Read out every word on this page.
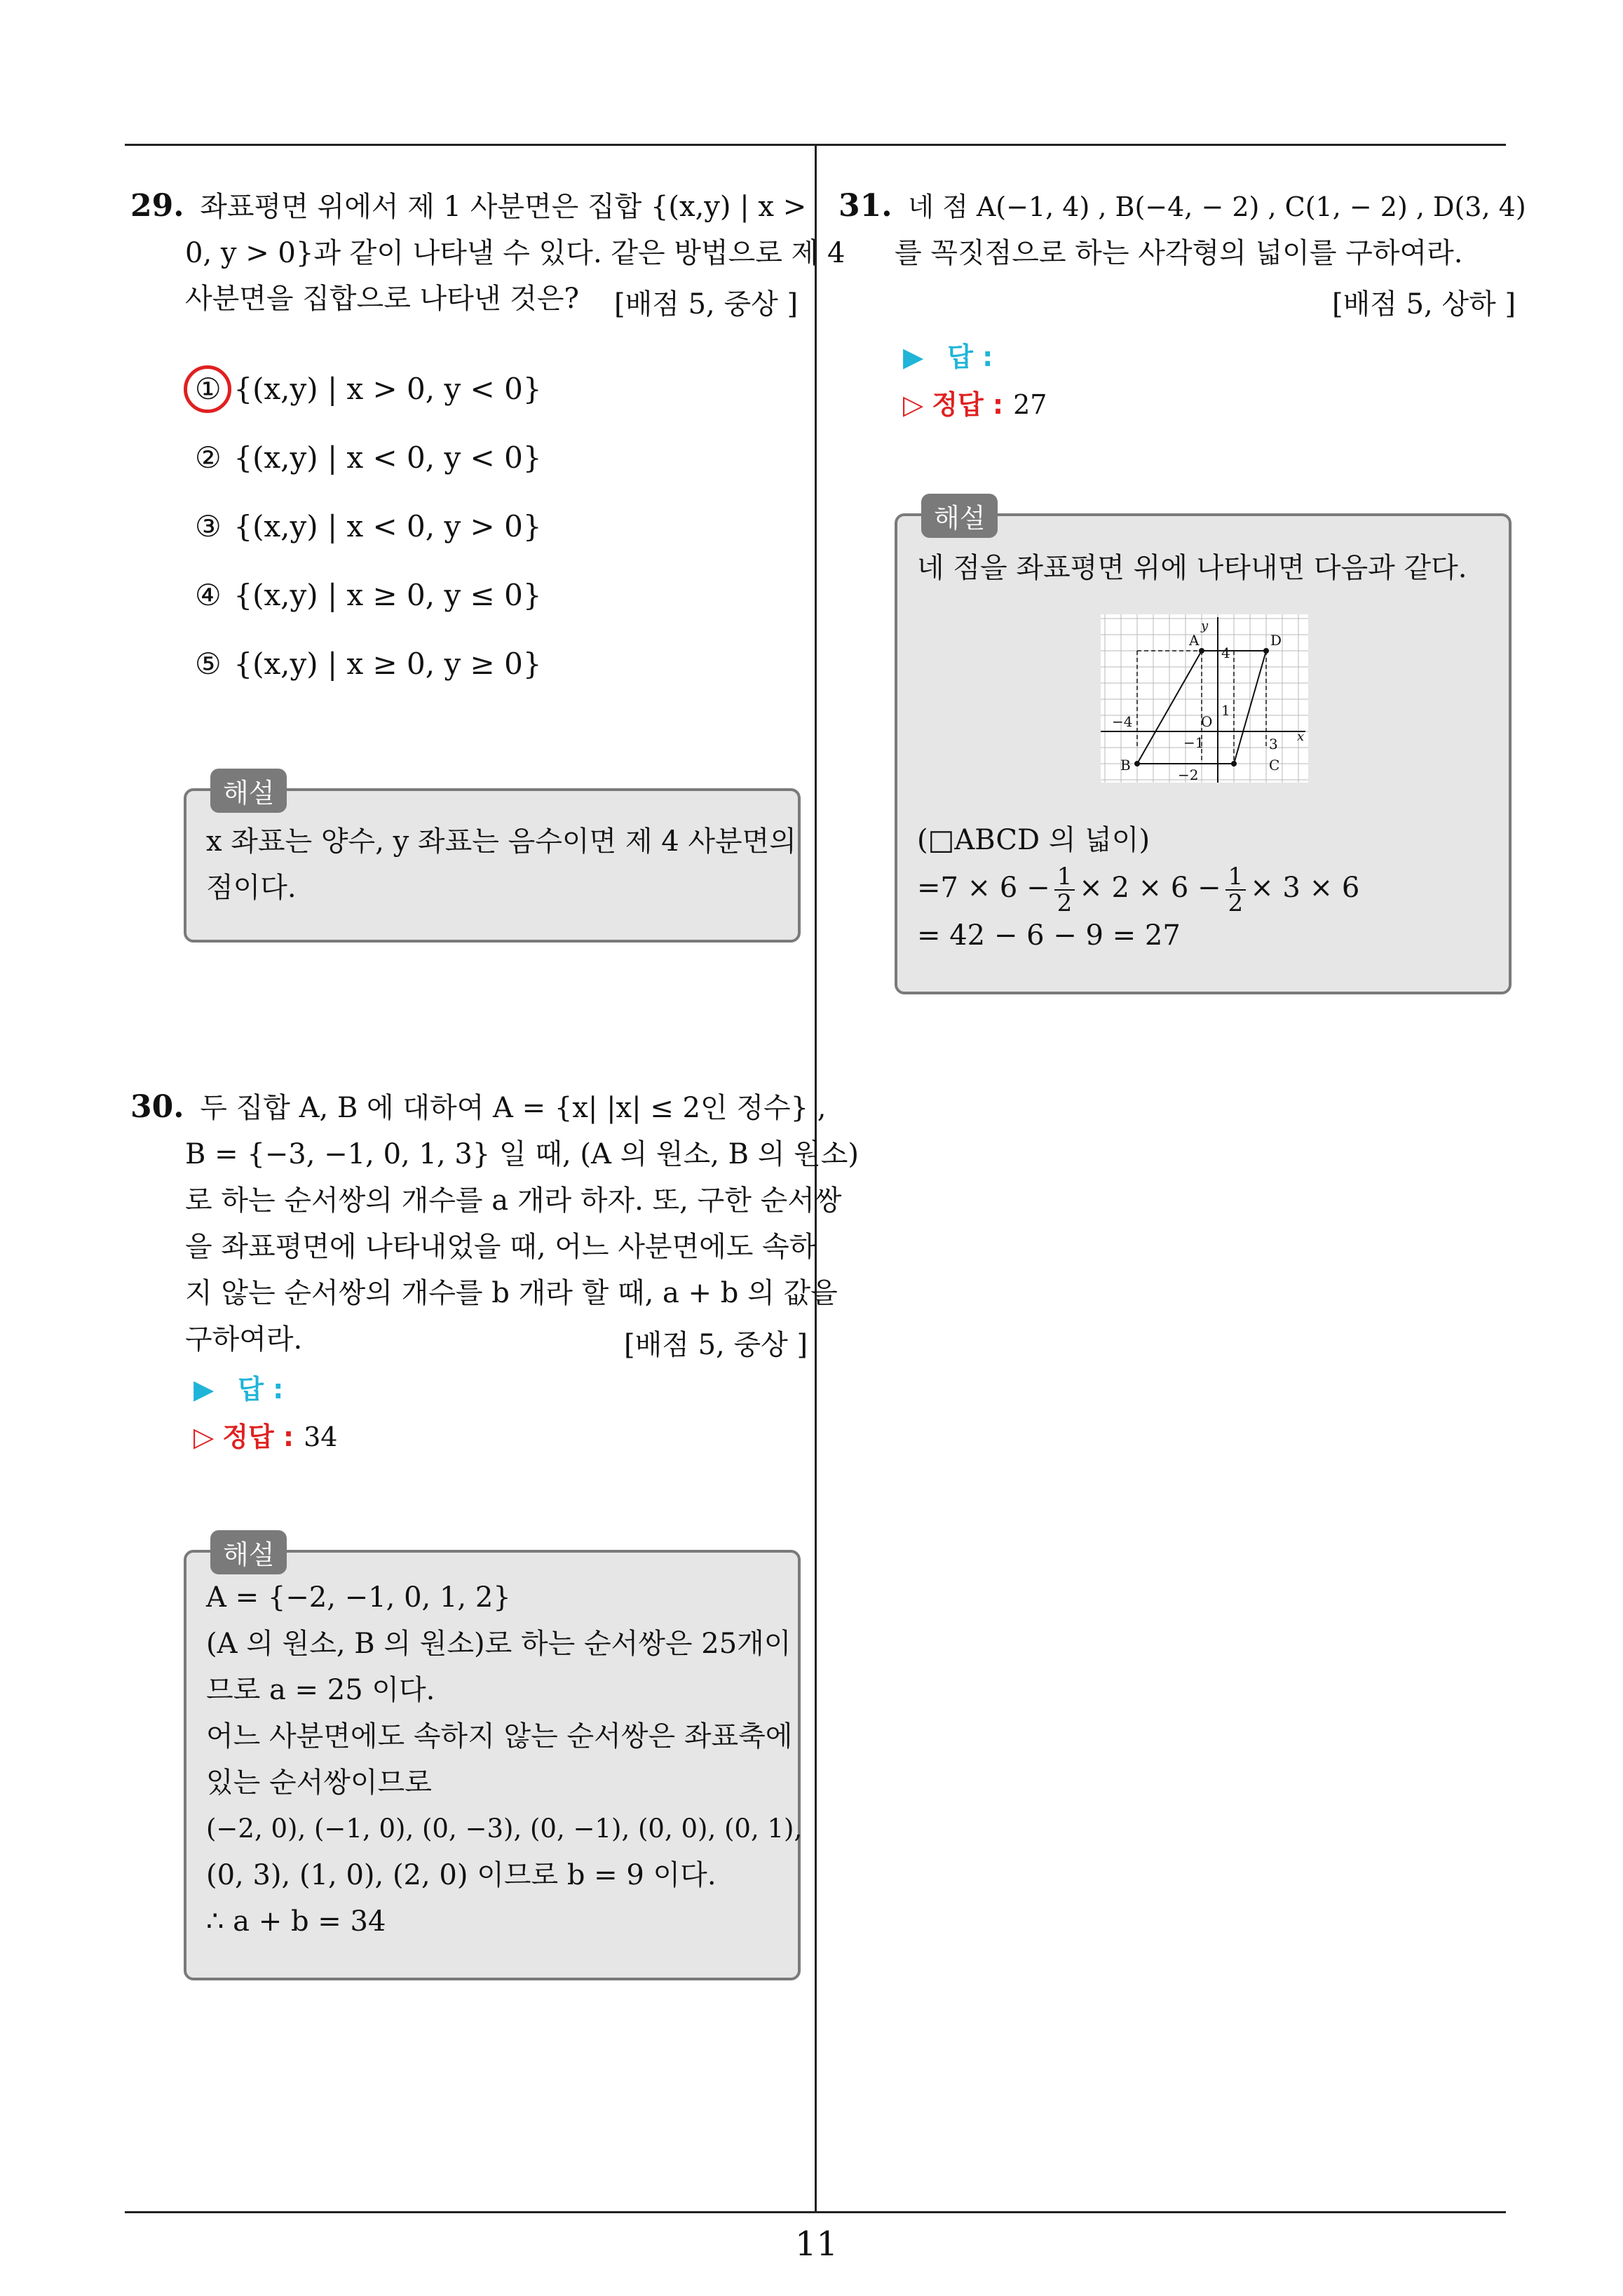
29. 좌표평면 위에서 제 1 사분면은 집합 {(x,y) | x >
0, y > 0}과 같이 나타낼 수 있다. 같은 방법으로 제 4
사분면을 집합으로 나타낸 것은? [배점 5, 중상 ]
① {(x,y) | x > 0, y < 0}
② {(x,y) | x < 0, y < 0}
③ {(x,y) | x < 0, y > 0}
④ {(x,y) | x ≥ 0, y ≤ 0}
⑤ {(x,y) | x ≥ 0, y ≥ 0}
x 좌표는 양수, y 좌표는 음수이면 제 4 사분면의
점이다.
해설
30. 두 집합 A, B 에 대하여 A = {x| |x| ≤ 2인 정수} ,
B = {−3, −1, 0, 1, 3} 일 때, (A 의 원소, B 의 원소)
로 하는 순서쌍의 개수를 a 개라 하자. 또, 구한 순서쌍
을 좌표평면에 나타내었을 때, 어느 사분면에도 속하
지 않는 순서쌍의 개수를 b 개라 할 때, a + b 의 값을
구하여라.	[배점 5, 중상 ]
▶ 답 :
▷ 정답 : 34
A = {−2, −1, 0, 1, 2}
(A 의 원소, B 의 원소)로 하는 순서쌍은 25개이
므로 a = 25 이다.
어느 사분면에도 속하지 않는 순서쌍은 좌표축에
있는 순서쌍이므로
(−2, 0), (−1, 0), (0, −3), (0, −1), (0, 0), (0, 1),
(0, 3), (1, 0), (2, 0) 이므로 b = 9 이다.
∴ a + b = 34
해설
31. 네 점 A(−1, 4) , B(−4, − 2) , C(1, − 2) , D(3, 4)
를 꼭짓점으로 하는 사각형의 넓이를 구하여라.
[배점 5, 상하 ]
▶ 답 :
▷ 정답 : 27
네 점을 좌표평면 위에 나타내면 다음과 같다.
A	D
B	C
O
x
y
4
1
−1
−2
−4
3
(□ABCD 의 넓이)
$=7 \times 6 - \frac{1}{2} \times 2 \times 6 - \frac{1}{2} \times 3 \times 6$
= 42 − 6 − 9 = 27
해설
11
